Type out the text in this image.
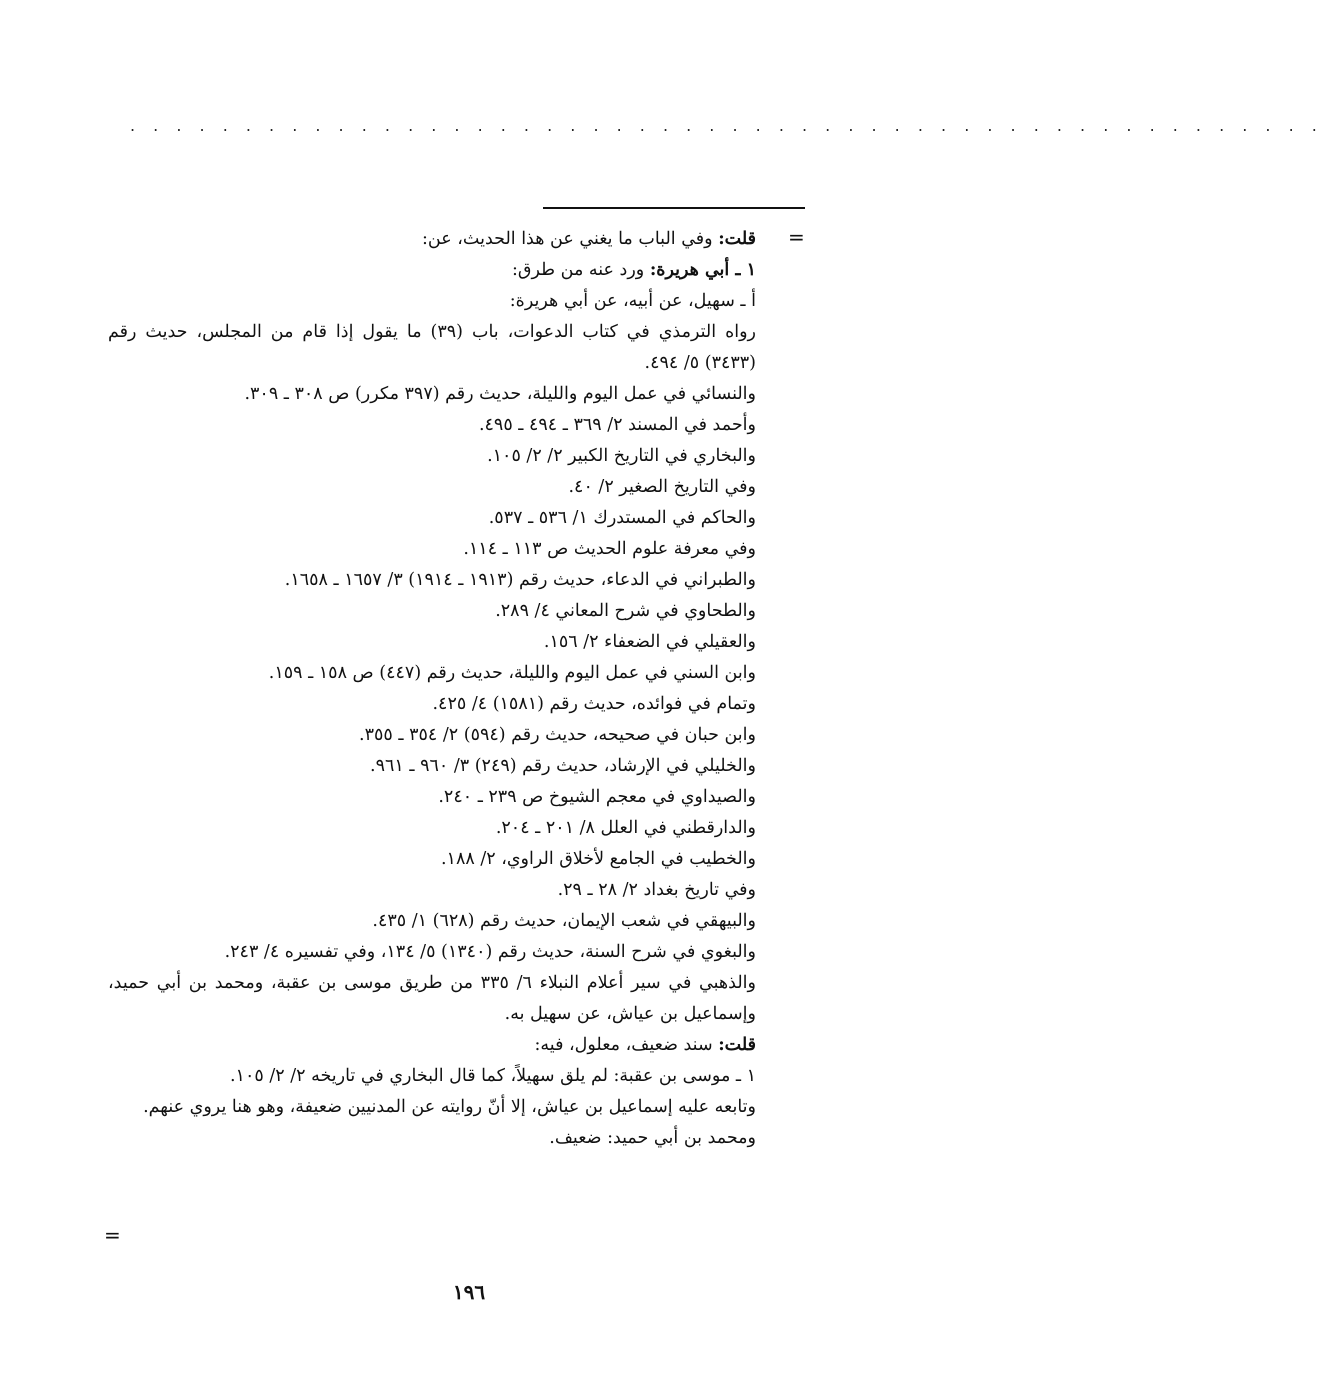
. . . . . . . . . . . . . . . . . . . . . . . . . . . . . . . . . . . . . . . . . . . . . . . . . . . .
=
قلت: وفي الباب ما يغني عن هذا الحديث، عن:
١ ـ أبي هريرة: ورد عنه من طرق:
أ ـ سهيل، عن أبيه، عن أبي هريرة:
رواه الترمذي في كتاب الدعوات، باب (٣٩) ما يقول إذا قام من المجلس، حديث رقم (٣٤٣٣) ٥/ ٤٩٤.
والنسائي في عمل اليوم والليلة، حديث رقم (٣٩٧ مكرر) ص ٣٠٨ ـ ٣٠٩.
وأحمد في المسند ٢/ ٣٦٩ ـ ٤٩٤ ـ ٤٩٥.
والبخاري في التاريخ الكبير ٢/ ٢/ ١٠٥.
وفي التاريخ الصغير ٢/ ٤٠.
والحاكم في المستدرك ١/ ٥٣٦ ـ ٥٣٧.
وفي معرفة علوم الحديث ص ١١٣ ـ ١١٤.
والطبراني في الدعاء، حديث رقم (١٩١٣ ـ ١٩١٤) ٣/ ١٦٥٧ ـ ١٦٥٨.
والطحاوي في شرح المعاني ٤/ ٢٨٩.
والعقيلي في الضعفاء ٢/ ١٥٦.
وابن السني في عمل اليوم والليلة، حديث رقم (٤٤٧) ص ١٥٨ ـ ١٥٩.
وتمام في فوائده، حديث رقم (١٥٨١) ٤/ ٤٢٥.
وابن حبان في صحيحه، حديث رقم (٥٩٤) ٢/ ٣٥٤ ـ ٣٥٥.
والخليلي في الإرشاد، حديث رقم (٢٤٩) ٣/ ٩٦٠ ـ ٩٦١.
والصيداوي في معجم الشيوخ ص ٢٣٩ ـ ٢٤٠.
والدارقطني في العلل ٨/ ٢٠١ ـ ٢٠٤.
والخطيب في الجامع لأخلاق الراوي، ٢/ ١٨٨.
وفي تاريخ بغداد ٢/ ٢٨ ـ ٢٩.
والبيهقي في شعب الإيمان، حديث رقم (٦٢٨) ١/ ٤٣٥.
والبغوي في شرح السنة، حديث رقم (١٣٤٠) ٥/ ١٣٤، وفي تفسيره ٤/ ٢٤٣.
والذهبي في سير أعلام النبلاء ٦/ ٣٣٥ من طريق موسى بن عقبة، ومحمد بن أبي حميد، وإسماعيل بن عياش، عن سهيل به.
قلت: سند ضعيف، معلول، فيه:
١ ـ موسى بن عقبة: لم يلق سهيلاً، كما قال البخاري في تاريخه ٢/ ٢/ ١٠٥.
وتابعه عليه إسماعيل بن عياش، إلا أنّ روايته عن المدنيين ضعيفة، وهو هنا يروي عنهم.
ومحمد بن أبي حميد: ضعيف.
=
١٩٦
